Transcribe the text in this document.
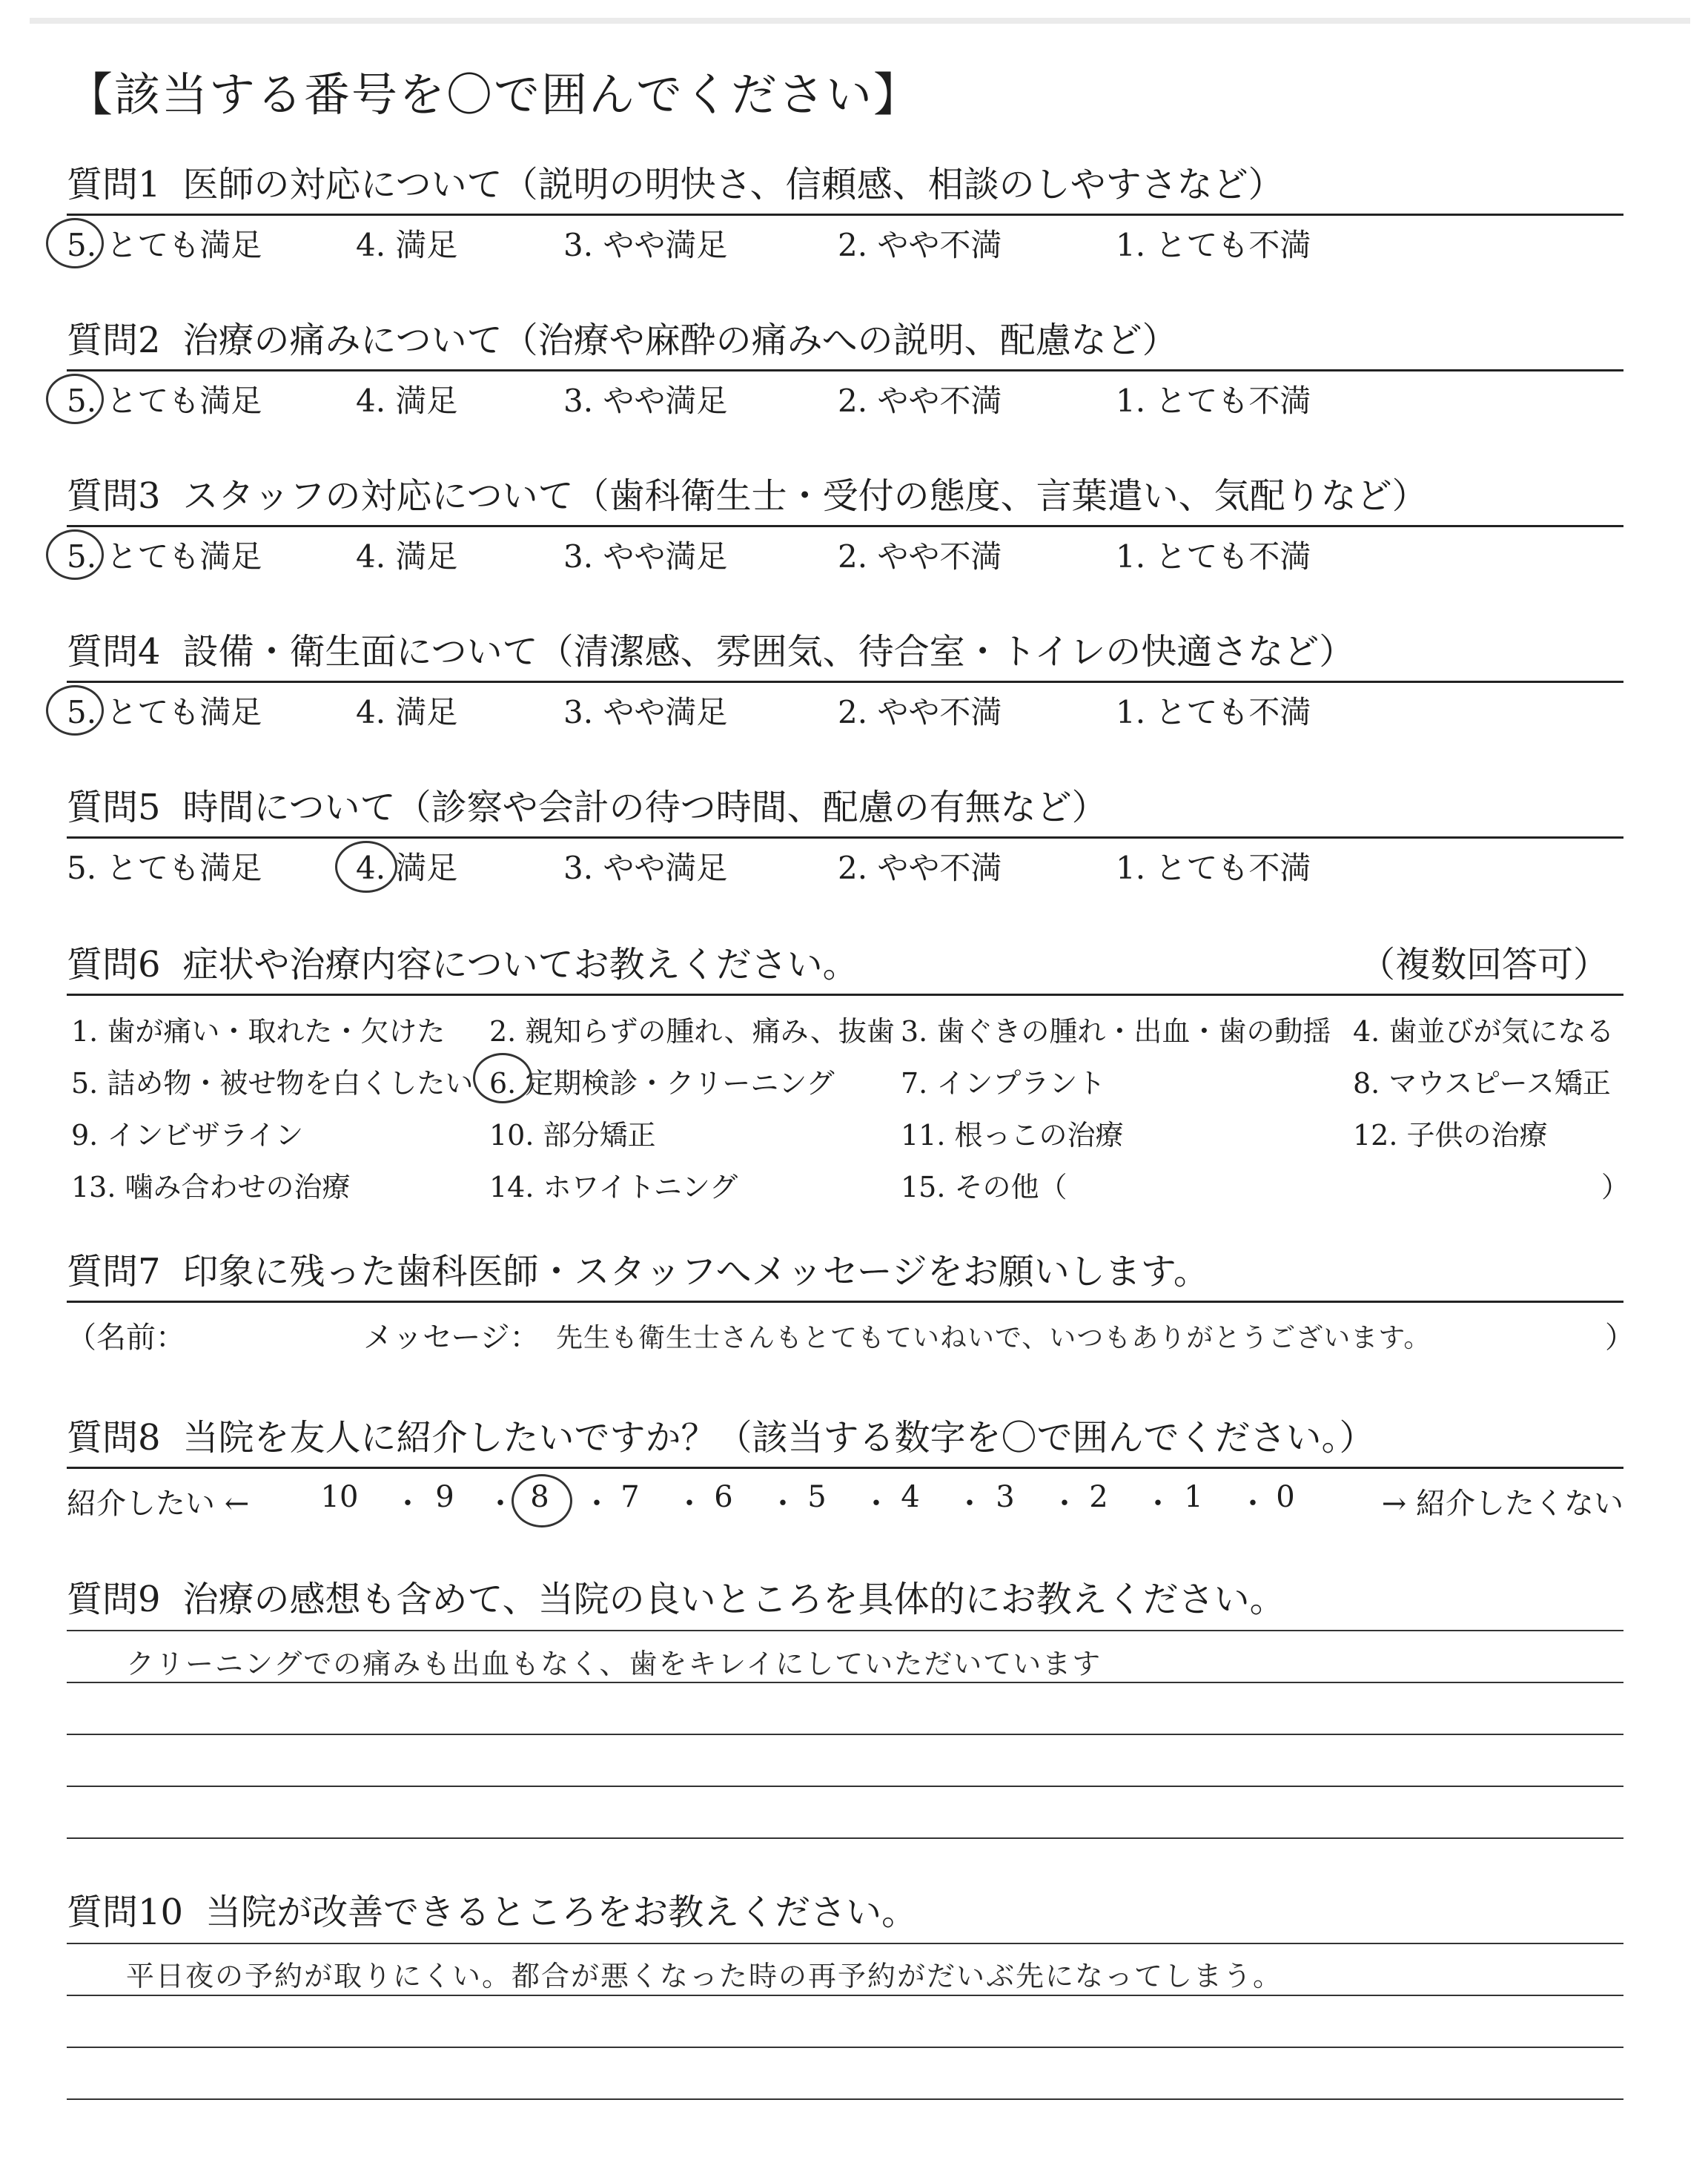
【該当する番号を〇で囲んでください】
質問1 医師の対応について（説明の明快さ、信頼感、相談のしやすさなど）
5. とても満足	4. 満足	3. やや満足	2. やや不満	1. とても不満
質問2 治療の痛みについて（治療や麻酔の痛みへの説明、配慮など）
5. とても満足	4. 満足	3. やや満足	2. やや不満	1. とても不満
質問3 スタッフの対応について（歯科衛生士・受付の態度、言葉遣い、気配りなど）
5. とても満足	4. 満足	3. やや満足	2. やや不満	1. とても不満
質問4 設備・衛生面について（清潔感、雰囲気、待合室・トイレの快適さなど）
5. とても満足	4. 満足	3. やや満足	2. やや不満	1. とても不満
質問5 時間について（診察や会計の待つ時間、配慮の有無など）
5. とても満足	4. 満足	3. やや満足	2. やや不満	1. とても不満
質問6 症状や治療内容についてお教えください。	（複数回答可）
1. 歯が痛い・取れた・欠けた 2. 親知らずの腫れ、痛み、抜歯 3. 歯ぐきの腫れ・出血・歯の動揺 4. 歯並びが気になる
5. 詰め物・被せ物を白くしたい 6. 定期検診・クリーニング 7. インプラント	8. マウスピース矯正
9. インビザライン	10. 部分矯正	11. 根っこの治療	12. 子供の治療
13. 噛み合わせの治療	14. ホワイトニング	15. その他（	）
質問7 印象に残った歯科医師・スタッフへメッセージをお願いします。
（名前：	メッセージ： 先生も衛生士さんもとてもていねいで、いつもありがとうございます。	）
質問8 当院を友人に紹介したいですか？（該当する数字を〇で囲んでください。）
紹介したい ← 10 ・ 9	・ 8	・ 7	・ 6	・ 5	・ 4	・ 3	・ 2	・ 1	・ 0	→ 紹介したくない
質問9 治療の感想も含めて、当院の良いところを具体的にお教えください。
クリーニングでの痛みも出血もなく、歯をキレイにしていただいています
質問10 当院が改善できるところをお教えください。
平日夜の予約が取りにくい。都合が悪くなった時の再予約がだいぶ先になってしまう。
